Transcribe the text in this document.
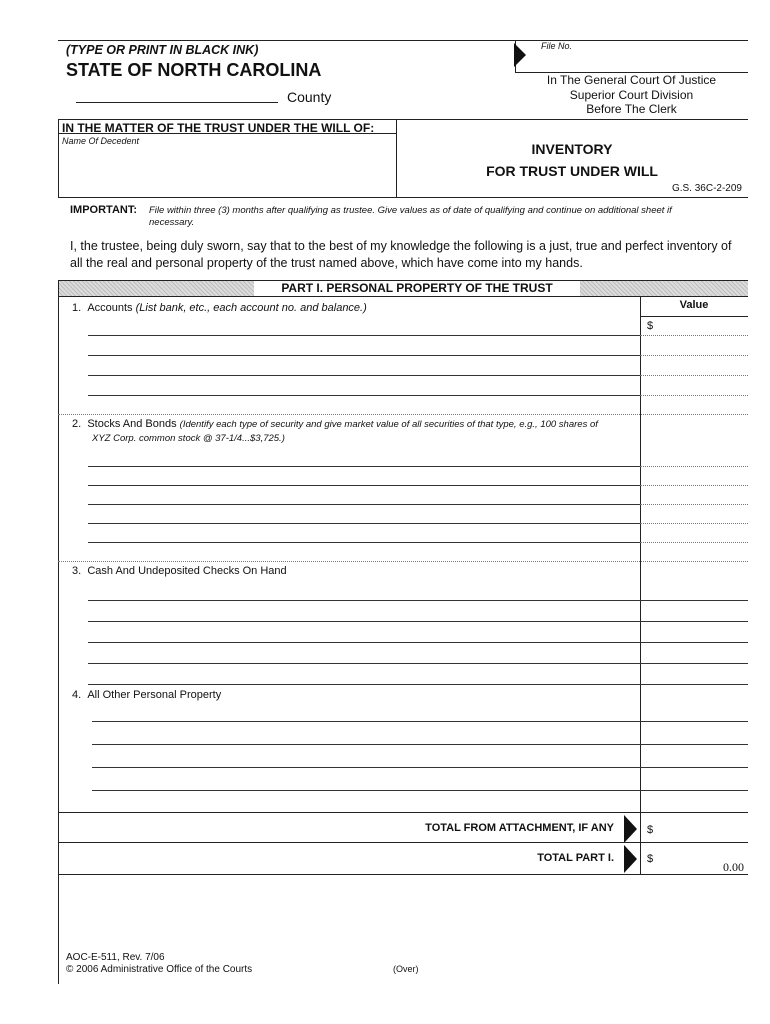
(TYPE OR PRINT IN BLACK INK)
STATE OF NORTH CAROLINA
County
File No.
In The General Court Of Justice
Superior Court Division
Before The Clerk
IN THE MATTER OF THE TRUST UNDER THE WILL OF:
Name Of Decedent	INVENTORY
FOR TRUST UNDER WILL
G.S. 36C-2-209
IMPORTANT: File within three (3) months after qualifying as trustee. Give values as of date of qualifying and continue on additional sheet if
necessary.
I, the trustee, being duly sworn, say that to the best of my knowledge the following is a just, true and perfect inventory of
all the real and personal property of the trust named above, which have come into my hands.
PART I. PERSONAL PROPERTY OF THE TRUST
Value
$
1. Accounts (List bank, etc., each account no. and balance.)
2. Stocks And Bonds (Identify each type of security and give market value of all securities of that type, e.g., 100 shares of
XYZ Corp. common stock @ 37-1/4...$3,725.)
3. Cash And Undeposited Checks On Hand
4. All Other Personal Property
TOTAL FROM ATTACHMENT, IF ANY	$
TOTAL PART I.	$
0.00
AOC-E-511, Rev. 7/06
© 2006 Administrative Office of the Courts	(Over)
